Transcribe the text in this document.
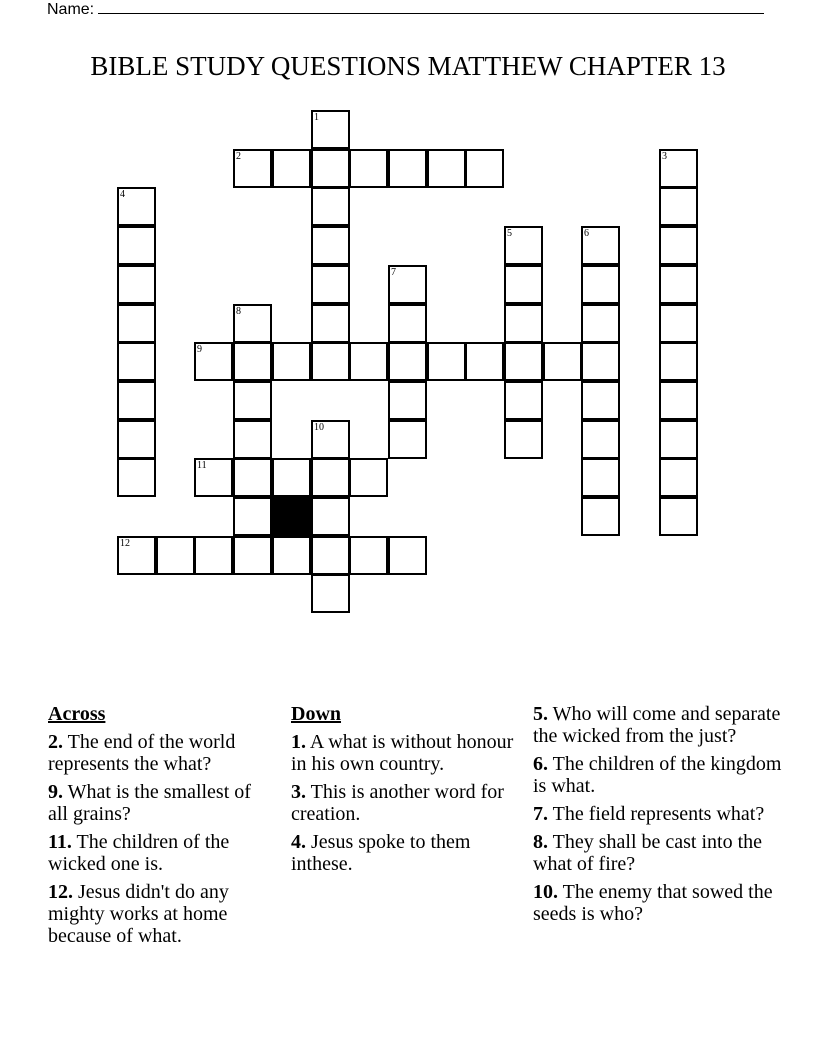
Name:
BIBLE STUDY QUESTIONS MATTHEW CHAPTER 13
1
2	3
4
5	6
7
8
9
10
11
12
Across
2. The end of the world represents the what?
9. What is the smallest of all grains?
11. The children of the wicked one is.
12. Jesus didn't do any mighty works at home because of what.
Down
1. A what is without honour in his own country.
3. This is another word for creation.
4. Jesus spoke to them inthese.
5. Who will come and separate the wicked from the just?
6. The children of the kingdom is what.
7. The field represents what?
8. They shall be cast into the what of fire?
10. The enemy that sowed the seeds is who?
